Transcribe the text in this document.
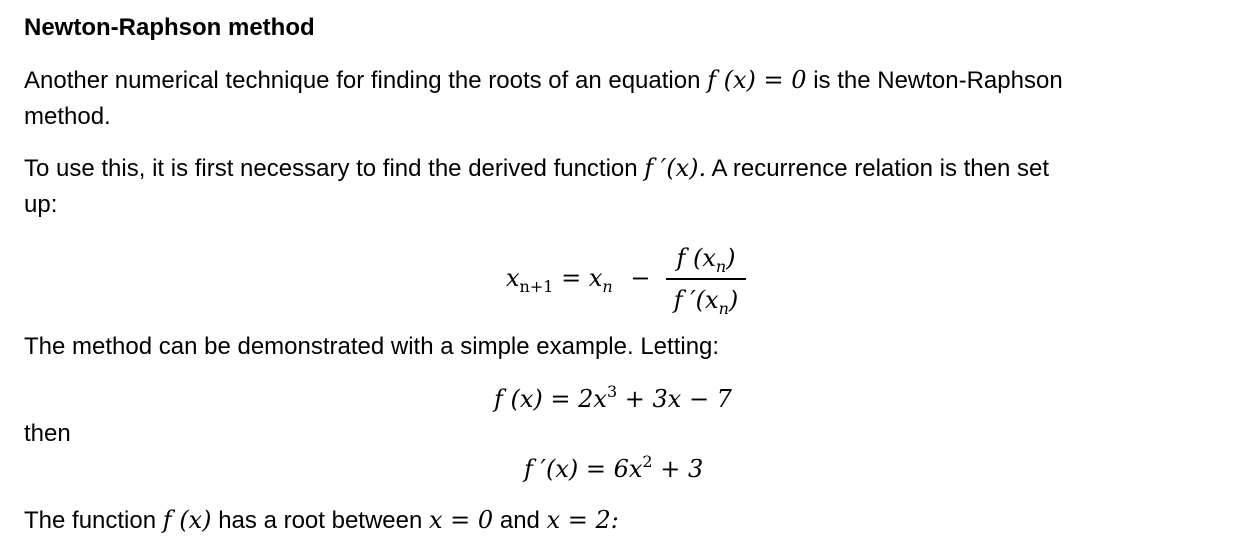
Newton-Raphson method
Another numerical technique for finding the roots of an equation f (x) = 0 is the Newton-Raphson
method.
To use this, it is first necessary to find the derived function f ′(x). A recurrence relation is then set
up:
$x_{n+1} = x_n$ −
f $(x_n)$
f $'(x_n)$
The method can be demonstrated with a simple example. Letting:
f $(x) = 2x^3 + 3x - 7$
then
f $'(x) = 6x^2 + 3$
The function f (x) has a root between x = 0 and x = 2:
